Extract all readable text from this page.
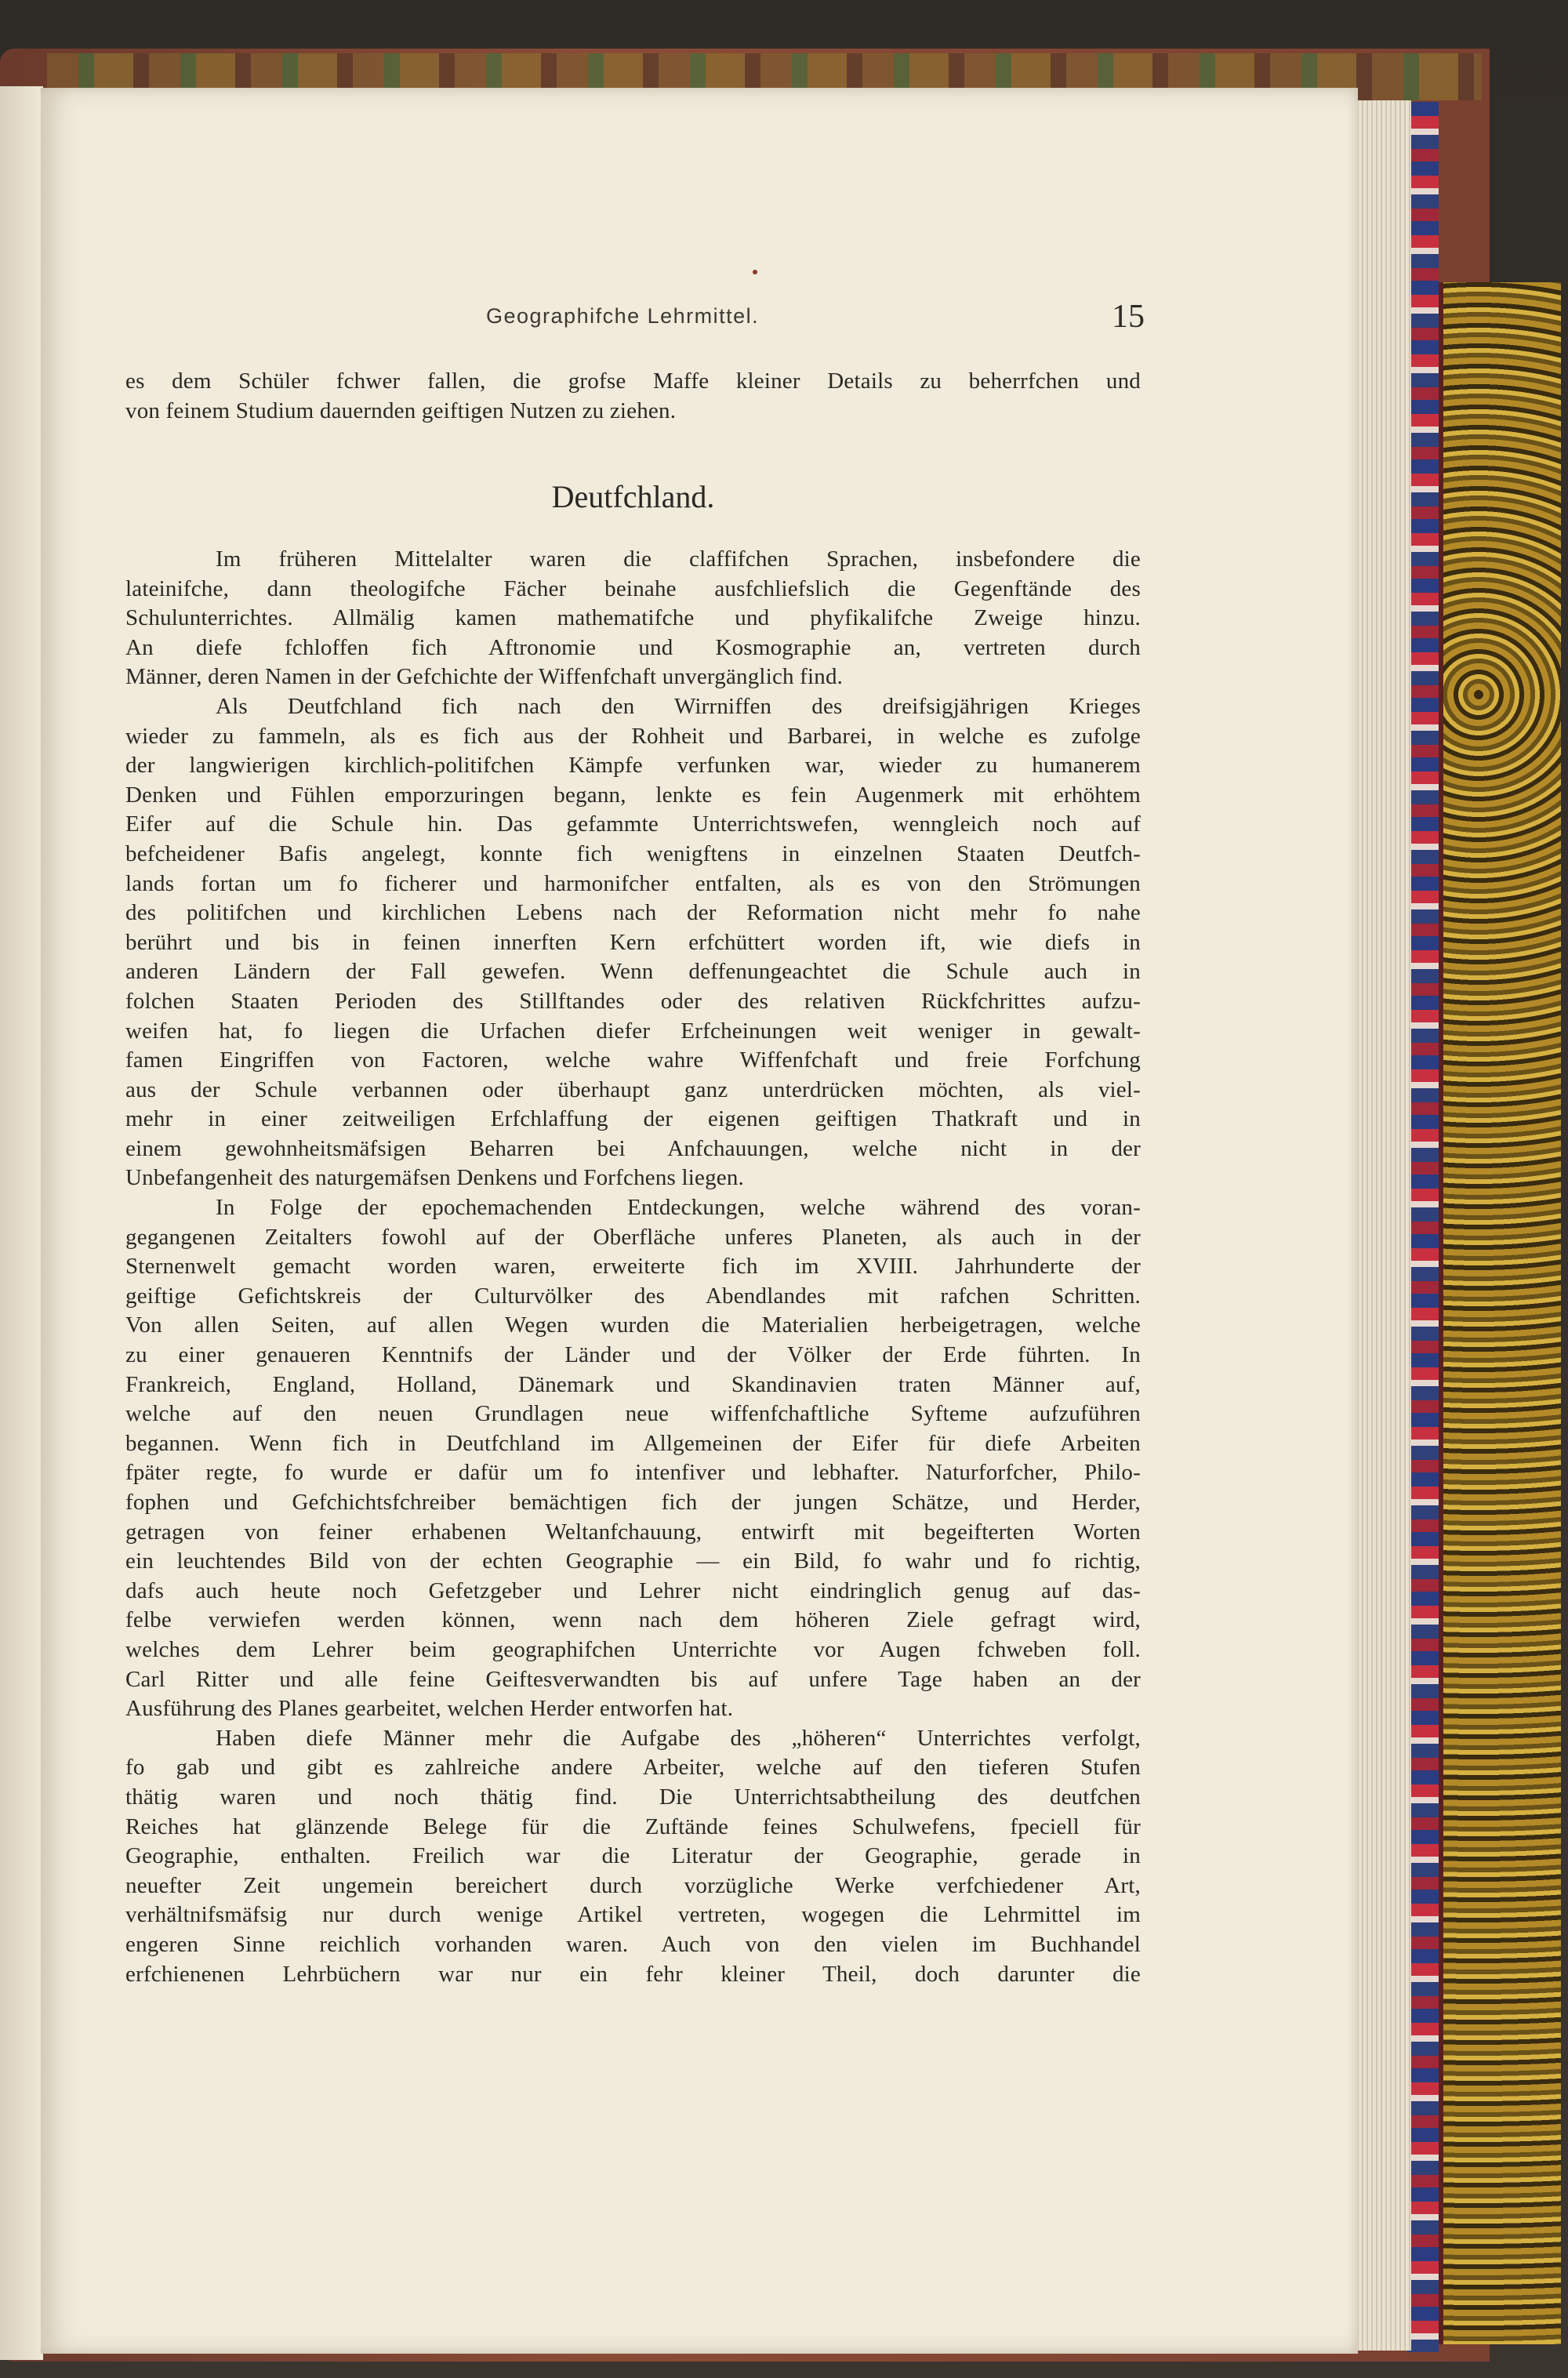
Geographifche Lehrmittel.	15
es dem Schüler fchwer fallen, die grofse Maffe kleiner Details zu beherrfchen und
von feinem Studium dauernden geiftigen Nutzen zu ziehen.
Deutfchland.
Im früheren Mittelalter waren die claffifchen Sprachen, insbefondere die
lateinifche, dann theologifche Fächer beinahe ausfchliefslich die Gegenftände des
Schulunterrichtes. Allmälig kamen mathematifche und phyfikalifche Zweige hinzu.
An diefe fchloffen fich Aftronomie und Kosmographie an, vertreten durch
Männer, deren Namen in der Gefchichte der Wiffenfchaft unvergänglich find.
Als Deutfchland fich nach den Wirrniffen des dreifsigjährigen Krieges
wieder zu fammeln, als es fich aus der Rohheit und Barbarei, in welche es zufolge
der langwierigen kirchlich-politifchen Kämpfe verfunken war, wieder zu humanerem
Denken und Fühlen emporzuringen begann, lenkte es fein Augenmerk mit erhöhtem
Eifer auf die Schule hin. Das gefammte Unterrichtswefen, wenngleich noch auf
befcheidener Bafis angelegt, konnte fich wenigftens in einzelnen Staaten Deutfch-
lands fortan um fo ficherer und harmonifcher entfalten, als es von den Strömungen
des politifchen und kirchlichen Lebens nach der Reformation nicht mehr fo nahe
berührt und bis in feinen innerften Kern erfchüttert worden ift, wie diefs in
anderen Ländern der Fall gewefen. Wenn deffenungeachtet die Schule auch in
folchen Staaten Perioden des Stillftandes oder des relativen Rückfchrittes aufzu-
weifen hat, fo liegen die Urfachen diefer Erfcheinungen weit weniger in gewalt-
famen Eingriffen von Factoren, welche wahre Wiffenfchaft und freie Forfchung
aus der Schule verbannen oder überhaupt ganz unterdrücken möchten, als viel-
mehr in einer zeitweiligen Erfchlaffung der eigenen geiftigen Thatkraft und in
einem gewohnheitsmäfsigen Beharren bei Anfchauungen, welche nicht in der
Unbefangenheit des naturgemäfsen Denkens und Forfchens liegen.
In Folge der epochemachenden Entdeckungen, welche während des voran-
gegangenen Zeitalters fowohl auf der Oberfläche unferes Planeten, als auch in der
Sternenwelt gemacht worden waren, erweiterte fich im XVIII. Jahrhunderte der
geiftige Gefichtskreis der Culturvölker des Abendlandes mit rafchen Schritten.
Von allen Seiten, auf allen Wegen wurden die Materialien herbeigetragen, welche
zu einer genaueren Kenntnifs der Länder und der Völker der Erde führten. In
Frankreich, England, Holland, Dänemark und Skandinavien traten Männer auf,
welche auf den neuen Grundlagen neue wiffenfchaftliche Syfteme aufzuführen
begannen. Wenn fich in Deutfchland im Allgemeinen der Eifer für diefe Arbeiten
fpäter regte, fo wurde er dafür um fo intenfiver und lebhafter. Naturforfcher, Philo-
fophen und Gefchichtsfchreiber bemächtigen fich der jungen Schätze, und Herder,
getragen von feiner erhabenen Weltanfchauung, entwirft mit begeifterten Worten
ein leuchtendes Bild von der echten Geographie — ein Bild, fo wahr und fo richtig,
dafs auch heute noch Gefetzgeber und Lehrer nicht eindringlich genug auf das-
felbe verwiefen werden können, wenn nach dem höheren Ziele gefragt wird,
welches dem Lehrer beim geographifchen Unterrichte vor Augen fchweben foll.
Carl Ritter und alle feine Geiftesverwandten bis auf unfere Tage haben an der
Ausführung des Planes gearbeitet, welchen Herder entworfen hat.
Haben diefe Männer mehr die Aufgabe des „höheren“ Unterrichtes verfolgt,
fo gab und gibt es zahlreiche andere Arbeiter, welche auf den tieferen Stufen
thätig waren und noch thätig find. Die Unterrichtsabtheilung des deutfchen
Reiches hat glänzende Belege für die Zuftände feines Schulwefens, fpeciell für
Geographie, enthalten. Freilich war die Literatur der Geographie, gerade in
neuefter Zeit ungemein bereichert durch vorzügliche Werke verfchiedener Art,
verhältnifsmäfsig nur durch wenige Artikel vertreten, wogegen die Lehrmittel im
engeren Sinne reichlich vorhanden waren. Auch von den vielen im Buchhandel
erfchienenen Lehrbüchern war nur ein fehr kleiner Theil, doch darunter die
